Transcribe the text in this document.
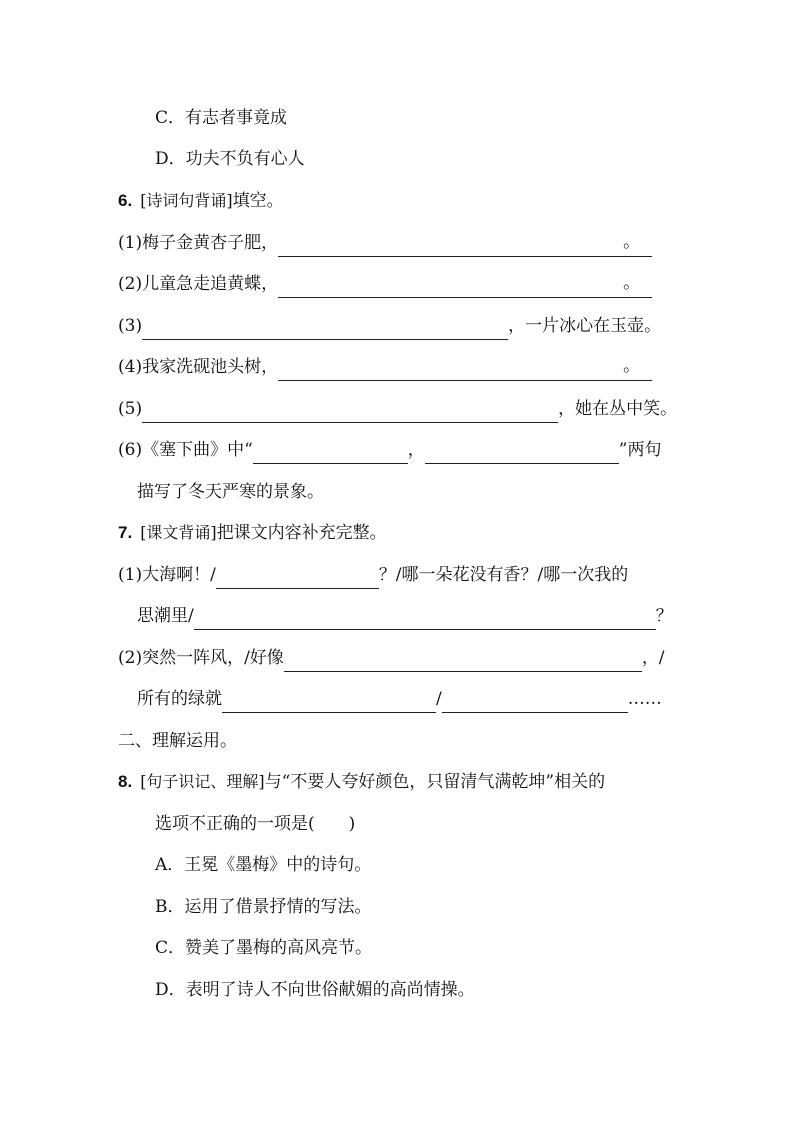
C．有志者事竟成
D．功夫不负有心人
6. [诗词句背诵] 填空。
(1)梅子金黄杏子肥，	。
(2)儿童急走追黄蝶，	。
(3)	，一片冰心在玉壶。
(4)我家洗砚池头树，	。
(5)	，她在丛中笑。
(6)《塞下曲》中“	，	”两句
描写了冬天严寒的景象。
7. [课文背诵] 把课文内容补充完整。
(1)大海啊！/	？/哪一朵花没有香？/哪一次我的
思潮里/	？
(2)突然一阵风，/好像	，/
所有的绿就	/	……
二、理解运用。
8. [句子识记、理解] 与“不要人夸好颜色，只留清气满乾坤”相关的
选项不正确的一项是(　　)
A．王冕《墨梅》中的诗句。
B．运用了借景抒情的写法。
C．赞美了墨梅的高风亮节。
D．表明了诗人不向世俗献媚的高尚情操。
